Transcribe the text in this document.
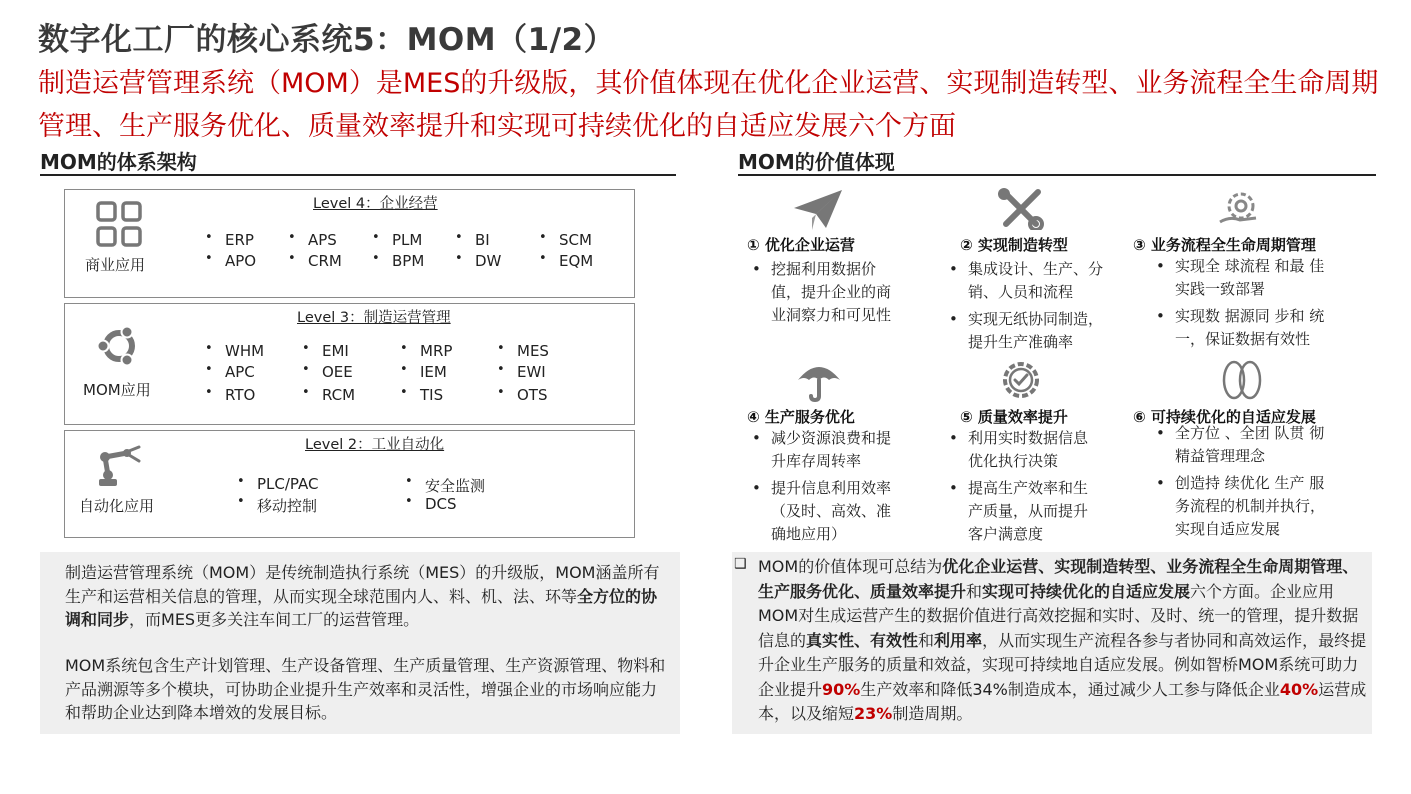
数字化工厂的核心系统5：MOM（1/2）
制造运营管理系统（MOM）是MES的升级版，其价值体现在优化企业运营、实现制造转型、业务流程全生命周期管理、生产服务优化、质量效率提升和实现可持续优化的自适应发展六个方面
MOM的体系架构
Level 4：企业经营
商业应用
• ERP
• APO
• APS
• CRM
• PLM
• BPM
• BI
• DW
• SCM
• EQM
Level 3：制造运营管理
MOM应用
• WHM
• APC
• RTO
• EMI
• OEE
• RCM
• MRP
• IEM
• TIS
• MES
• EWI
• OTS
Level 2：工业自动化
自动化应用
• PLC/PAC
• 移动控制
• 安全监测
• DCS

制造运营管理系统（MOM）是传统制造执行系统（MES）的升级版，MOM涵盖所有生产和运营相关信息的管理，从而实现全球范围内人、料、机、法、环等全方位的协调和同步，而MES更多关注车间工厂的运营管理。

MOM系统包含生产计划管理、生产设备管理、生产质量管理、生产资源管理、物料和产品溯源等多个模块，可协助企业提升生产效率和灵活性，增强企业的市场响应能力和帮助企业达到降本增效的发展目标。

MOM的价值体现
① 优化企业运营
• 挖掘利用数据价值，提升企业的商业洞察力和可见性
② 实现制造转型
• 集成设计、生产、分销、人员和流程
• 实现无纸协同制造，提升生产准确率
③ 业务流程全生命周期管理
• 实现全 球流程 和最 佳实践一致部署
• 实现数 据源同 步和 统一，保证数据有效性
④ 生产服务优化
• 减少资源浪费和提升库存周转率
• 提升信息利用效率（及时、高效、准确地应用）
⑤ 质量效率提升
• 利用实时数据信息优化执行决策
• 提高生产效率和生产质量，从而提升客户满意度
⑥ 可持续优化的自适应发展
• 全方位 、全团 队贯 彻精益管理理念
• 创造持 续优化 生产 服务流程的机制并执行，实现自适应发展
❑ MOM的价值体现可总结为优化企业运营、实现制造转型、业务流程全生命周期管理、生产服务优化、质量效率提升和实现可持续优化的自适应发展六个方面。企业应用MOM对生成运营产生的数据价值进行高效挖掘和实时、及时、统一的管理，提升数据信息的真实性、有效性和利用率，从而实现生产流程各参与者协同和高效运作，最终提升企业生产服务的质量和效益，实现可持续地自适应发展。例如智桥MOM系统可助力企业提升90%生产效率和降低34%制造成本，通过减少人工参与降低企业40%运营成本，以及缩短23%制造周期。
